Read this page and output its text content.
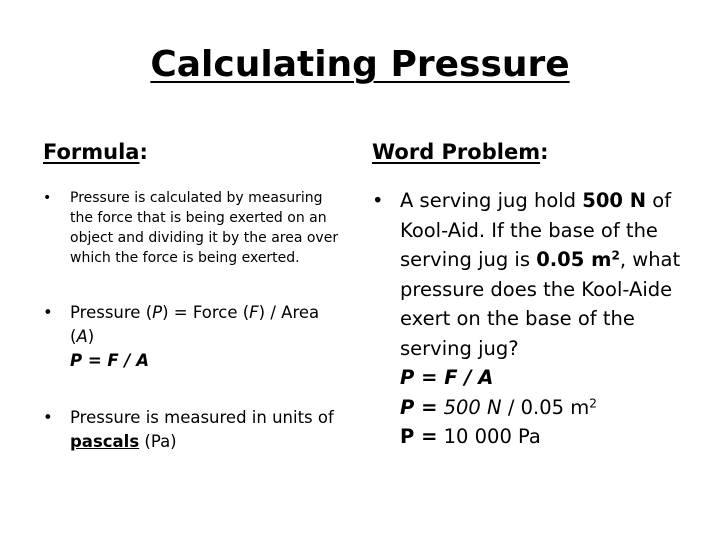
Calculating Pressure
Formula:
• Pressure is calculated by measuring the force that is being exerted on an object and dividing it by the area over which the force is being exerted.
• Pressure (P) = Force (F) / Area (A)
P = F / A
• Pressure is measured in units of pascals (Pa)
Word Problem:
• A serving jug hold 500 N of Kool-Aid. If the base of the serving jug is 0.05 $m^2$, what pressure does the Kool-Aide exert on the base of the serving jug?

P = F / A

P = 500 N / 0.05 $m^2$

P = 10 000 Pa
